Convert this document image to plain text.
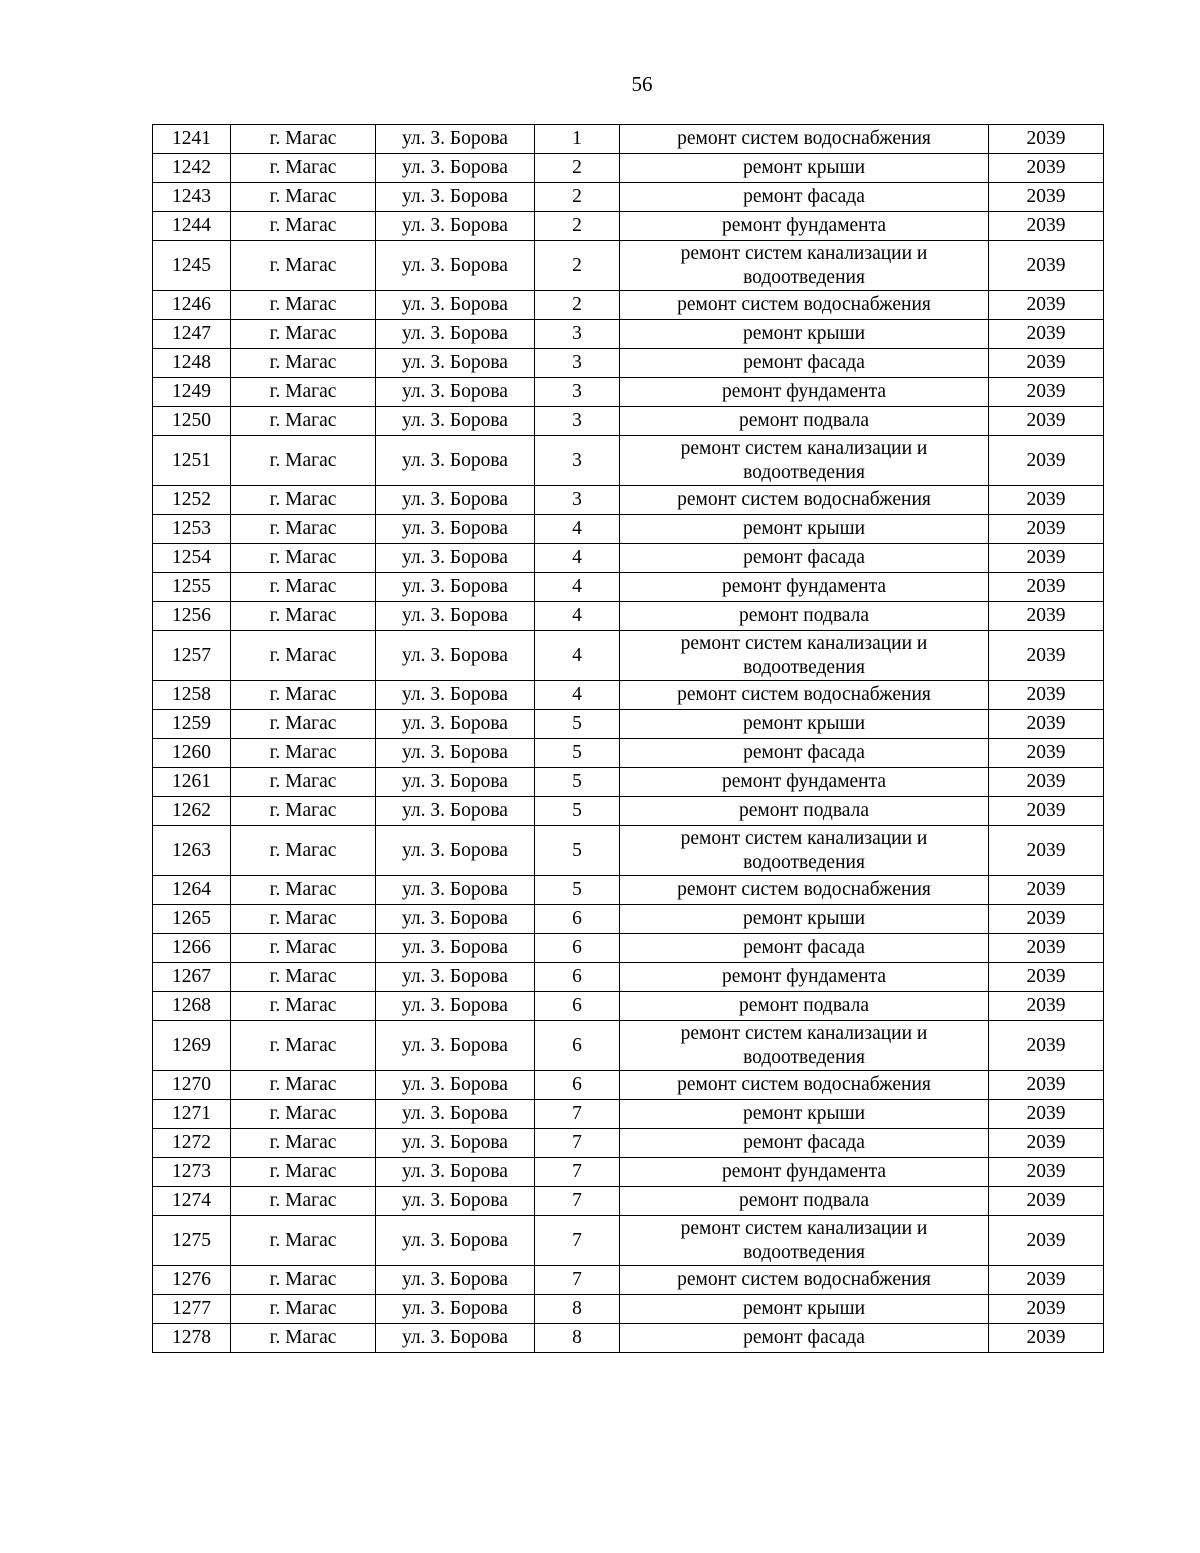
56
1241	г. Магас	ул. З. Борова	1	ремонт систем водоснабжения	2039
1242	г. Магас	ул. З. Борова	2	ремонт крыши	2039
1243	г. Магас	ул. З. Борова	2	ремонт фасада	2039
1244	г. Магас	ул. З. Борова	2	ремонт фундамента	2039
1245	г. Магас	ул. З. Борова	2	ремонт систем канализации и водоотведения	2039
1246	г. Магас	ул. З. Борова	2	ремонт систем водоснабжения	2039
1247	г. Магас	ул. З. Борова	3	ремонт крыши	2039
1248	г. Магас	ул. З. Борова	3	ремонт фасада	2039
1249	г. Магас	ул. З. Борова	3	ремонт фундамента	2039
1250	г. Магас	ул. З. Борова	3	ремонт подвала	2039
1251	г. Магас	ул. З. Борова	3	ремонт систем канализации и водоотведения	2039
1252	г. Магас	ул. З. Борова	3	ремонт систем водоснабжения	2039
1253	г. Магас	ул. З. Борова	4	ремонт крыши	2039
1254	г. Магас	ул. З. Борова	4	ремонт фасада	2039
1255	г. Магас	ул. З. Борова	4	ремонт фундамента	2039
1256	г. Магас	ул. З. Борова	4	ремонт подвала	2039
1257	г. Магас	ул. З. Борова	4	ремонт систем канализации и водоотведения	2039
1258	г. Магас	ул. З. Борова	4	ремонт систем водоснабжения	2039
1259	г. Магас	ул. З. Борова	5	ремонт крыши	2039
1260	г. Магас	ул. З. Борова	5	ремонт фасада	2039
1261	г. Магас	ул. З. Борова	5	ремонт фундамента	2039
1262	г. Магас	ул. З. Борова	5	ремонт подвала	2039
1263	г. Магас	ул. З. Борова	5	ремонт систем канализации и водоотведения	2039
1264	г. Магас	ул. З. Борова	5	ремонт систем водоснабжения	2039
1265	г. Магас	ул. З. Борова	6	ремонт крыши	2039
1266	г. Магас	ул. З. Борова	6	ремонт фасада	2039
1267	г. Магас	ул. З. Борова	6	ремонт фундамента	2039
1268	г. Магас	ул. З. Борова	6	ремонт подвала	2039
1269	г. Магас	ул. З. Борова	6	ремонт систем канализации и водоотведения	2039
1270	г. Магас	ул. З. Борова	6	ремонт систем водоснабжения	2039
1271	г. Магас	ул. З. Борова	7	ремонт крыши	2039
1272	г. Магас	ул. З. Борова	7	ремонт фасада	2039
1273	г. Магас	ул. З. Борова	7	ремонт фундамента	2039
1274	г. Магас	ул. З. Борова	7	ремонт подвала	2039
1275	г. Магас	ул. З. Борова	7	ремонт систем канализации и водоотведения	2039
1276	г. Магас	ул. З. Борова	7	ремонт систем водоснабжения	2039
1277	г. Магас	ул. З. Борова	8	ремонт крыши	2039
1278	г. Магас	ул. З. Борова	8	ремонт фасада	2039
